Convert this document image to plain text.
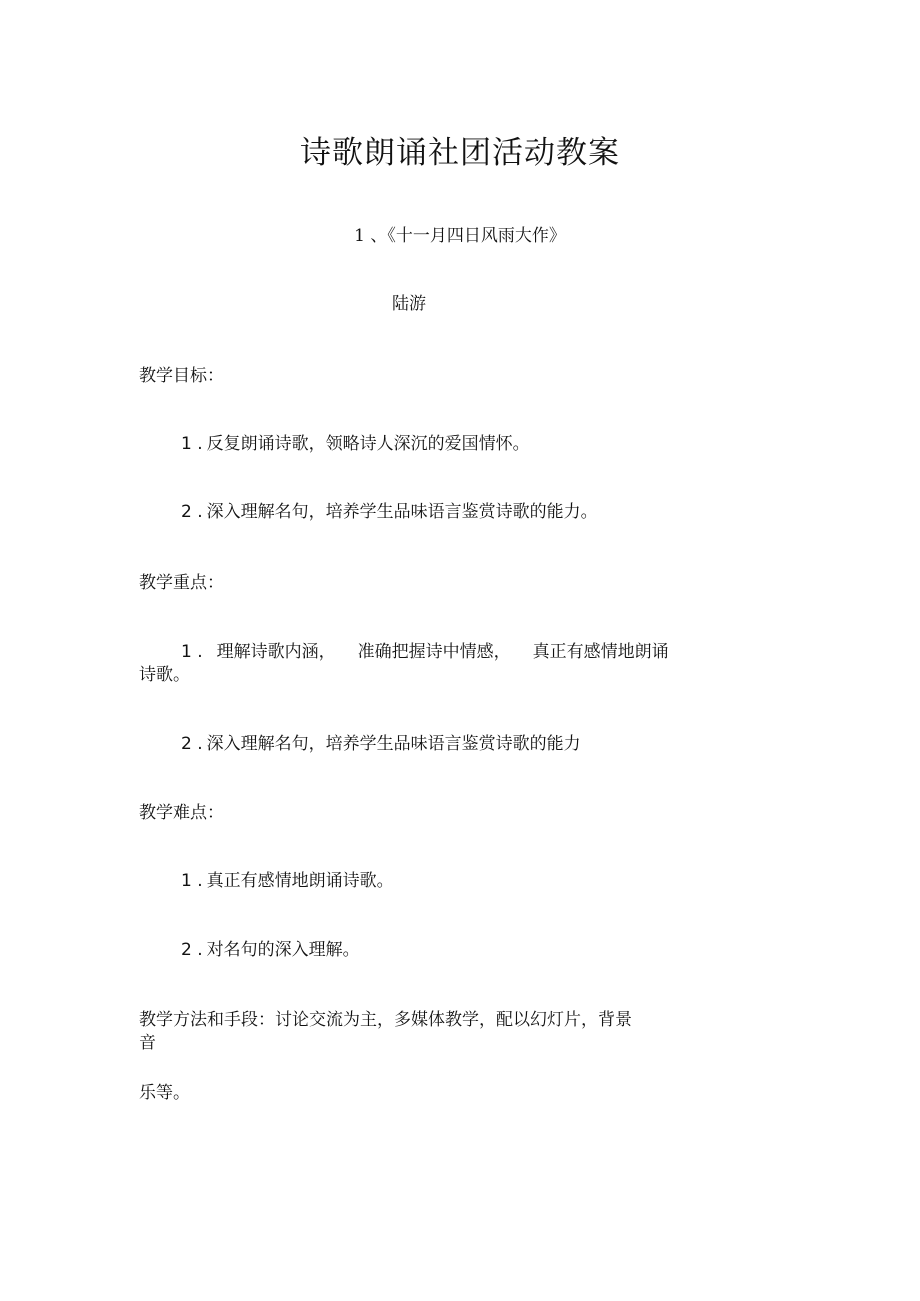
诗歌朗诵社团活动教案
1 、《十一月四日风雨大作》
陆游
教学目标：
1 . 反复朗诵诗歌，领略诗人深沉的爱国情怀。
2 . 深入理解名句，培养学生品味语言鉴赏诗歌的能力。
教学重点：
1 . 理解诗歌内涵， 准确把握诗中情感， 真正有感情地朗诵
诗歌。
2 . 深入理解名句，培养学生品味语言鉴赏诗歌的能力
教学难点：
1 . 真正有感情地朗诵诗歌。
2 . 对名句的深入理解。
教学方法和手段：讨论交流为主，多媒体教学，配以幻灯片，背景
音
乐等。
